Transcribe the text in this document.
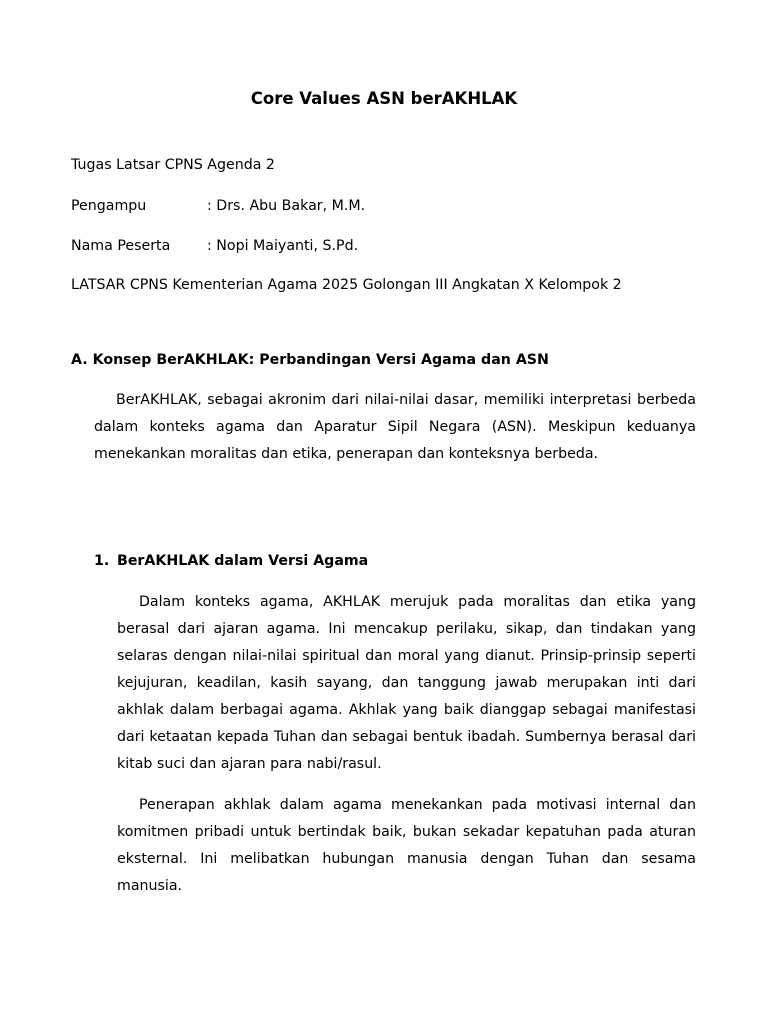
Core Values ASN berAKHLAK

Tugas Latsar CPNS Agenda 2

Pengampu	: Drs. Abu Bakar, M.M.

Nama Peserta	: Nopi Maiyanti, S.Pd.

LATSAR CPNS Kementerian Agama 2025 Golongan III Angkatan X Kelompok 2

A. Konsep BerAKHLAK: Perbandingan Versi Agama dan ASN

BerAKHLAK, sebagai akronim dari nilai-nilai dasar, memiliki interpretasi berbeda dalam konteks agama dan Aparatur Sipil Negara (ASN). Meskipun keduanya menekankan moralitas dan etika, penerapan dan konteksnya berbeda.

1. BerAKHLAK dalam Versi Agama

Dalam konteks agama, AKHLAK merujuk pada moralitas dan etika yang berasal dari ajaran agama. Ini mencakup perilaku, sikap, dan tindakan yang selaras dengan nilai-nilai spiritual dan moral yang dianut. Prinsip-prinsip seperti kejujuran, keadilan, kasih sayang, dan tanggung jawab merupakan inti dari akhlak dalam berbagai agama. Akhlak yang baik dianggap sebagai manifestasi dari ketaatan kepada Tuhan dan sebagai bentuk ibadah. Sumbernya berasal dari kitab suci dan ajaran para nabi/rasul.

Penerapan akhlak dalam agama menekankan pada motivasi internal dan komitmen pribadi untuk bertindak baik, bukan sekadar kepatuhan pada aturan eksternal. Ini melibatkan hubungan manusia dengan Tuhan dan sesama manusia.
